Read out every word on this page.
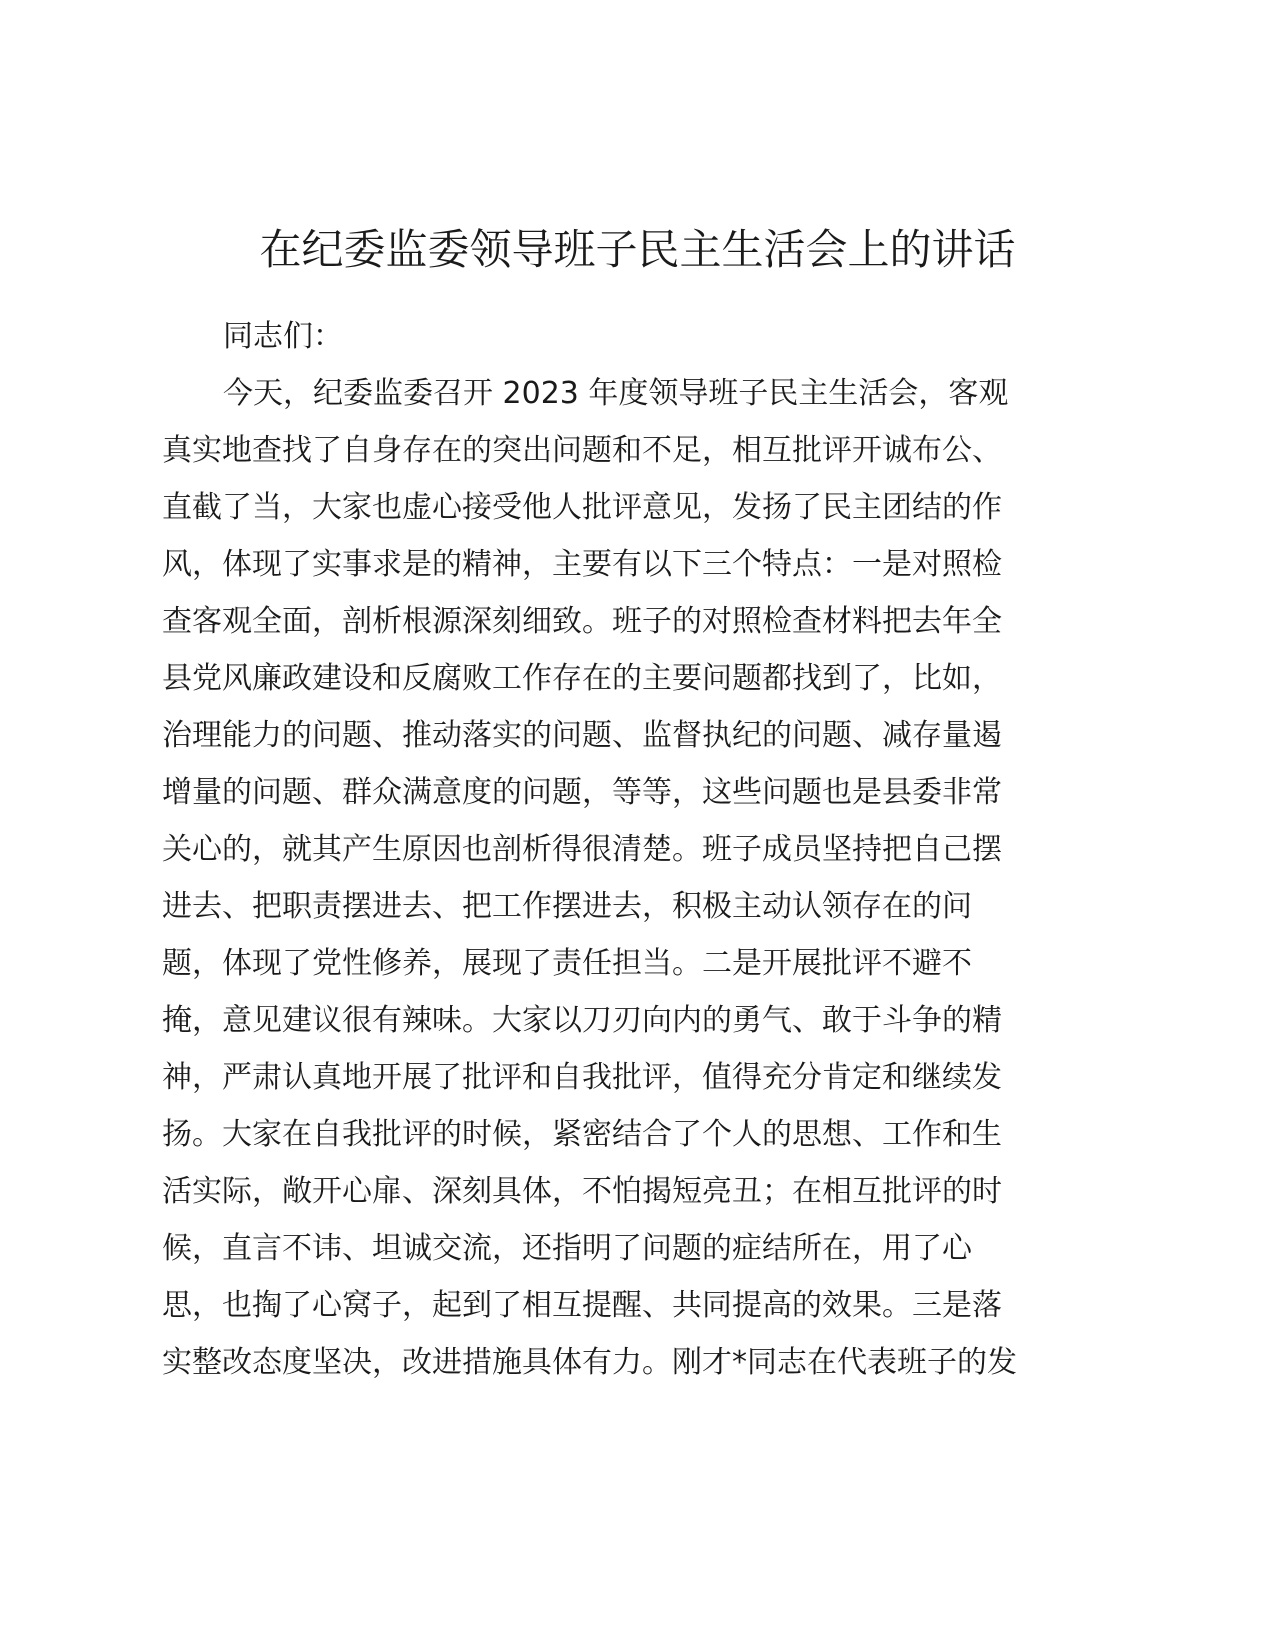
在纪委监委领导班子民主生活会上的讲话
同志们：
今天，纪委监委召开 2023 年度领导班子民主生活会，客观
真实地查找了自身存在的突出问题和不足，相互批评开诚布公、
直截了当，大家也虚心接受他人批评意见，发扬了民主团结的作
风，体现了实事求是的精神，主要有以下三个特点：一是对照检
查客观全面，剖析根源深刻细致。班子的对照检查材料把去年全
县党风廉政建设和反腐败工作存在的主要问题都找到了，比如，
治理能力的问题、推动落实的问题、监督执纪的问题、减存量遏
增量的问题、群众满意度的问题，等等，这些问题也是县委非常
关心的，就其产生原因也剖析得很清楚。班子成员坚持把自己摆
进去、把职责摆进去、把工作摆进去，积极主动认领存在的问
题，体现了党性修养，展现了责任担当。二是开展批评不避不
掩，意见建议很有辣味。大家以刀刃向内的勇气、敢于斗争的精
神，严肃认真地开展了批评和自我批评，值得充分肯定和继续发
扬。大家在自我批评的时候，紧密结合了个人的思想、工作和生
活实际，敞开心扉、深刻具体，不怕揭短亮丑；在相互批评的时
候，直言不讳、坦诚交流，还指明了问题的症结所在，用了心
思，也掏了心窝子，起到了相互提醒、共同提高的效果。三是落
实整改态度坚决，改进措施具体有力。刚才*同志在代表班子的发
